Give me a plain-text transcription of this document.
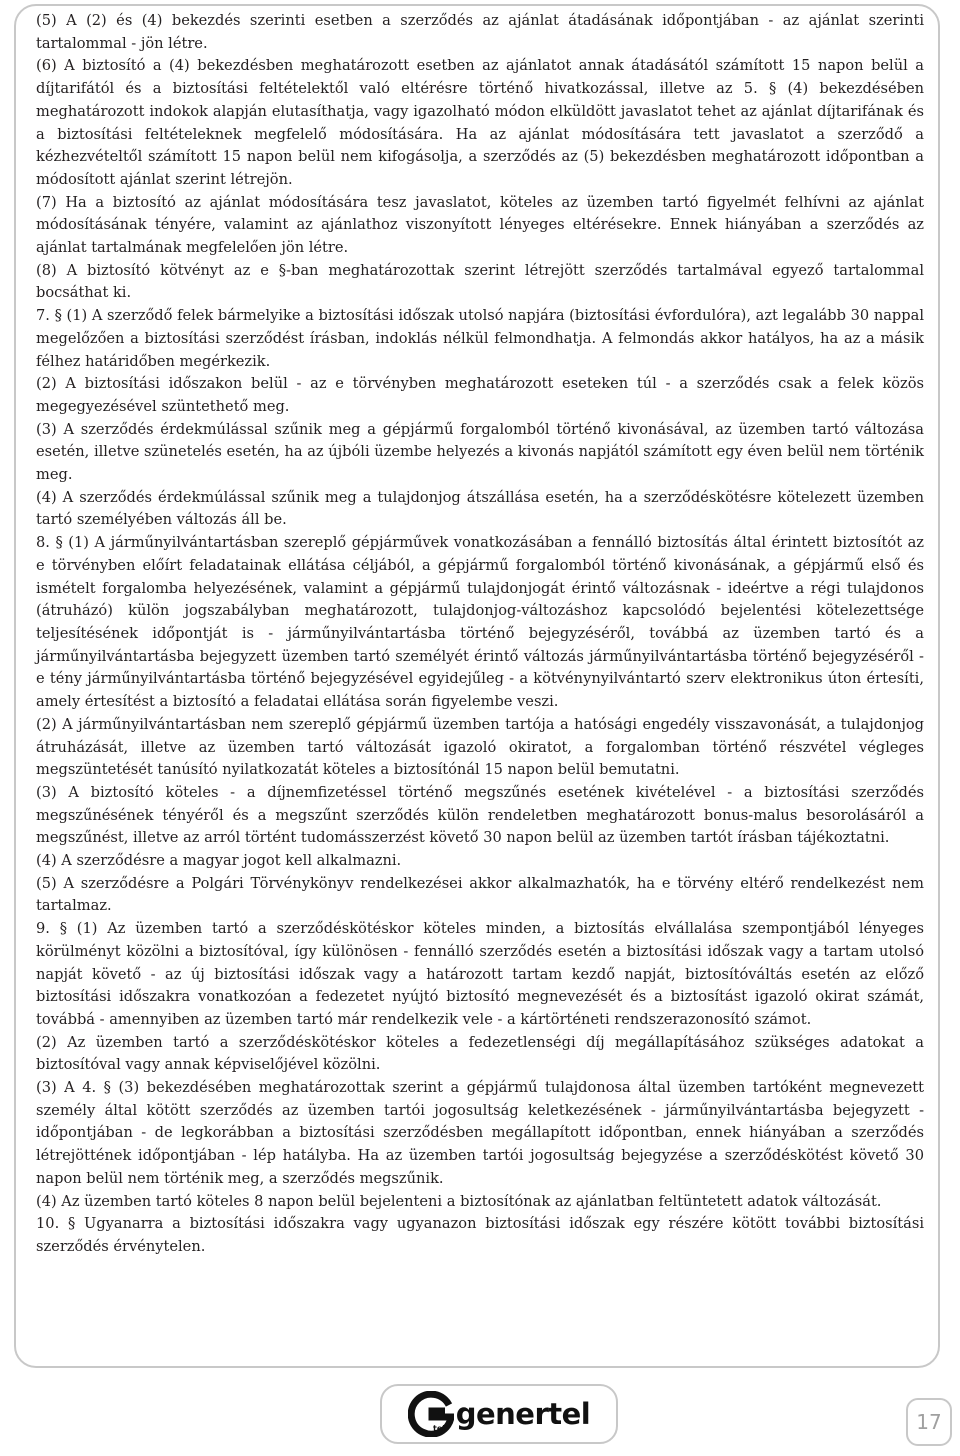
(5) A (2) és (4) bekezdés szerinti esetben a szerződés az ajánlat átadásának időpontjában - az ajánlat szerinti tartalommal - jön létre.

(6) A biztosító a (4) bekezdésben meghatározott esetben az ajánlatot annak átadásától számított 15 napon belül a díjtarifától és a biztosítási feltételektől való eltérésre történő hivatkozással, illetve az 5. § (4) bekezdésében meghatározott indokok alapján elutasíthatja, vagy igazolható módon elküldött javaslatot tehet az ajánlat díjtarifának és a biztosítási feltételeknek megfelelő módosítására. Ha az ajánlat módosítására tett javaslatot a szerződő a kézhezvételtől számított 15 napon belül nem kifogásolja, a szerződés az (5) bekezdésben meghatározott időpontban a módosított ajánlat szerint létrejön.

(7) Ha a biztosító az ajánlat módosítására tesz javaslatot, köteles az üzemben tartó figyelmét felhívni az ajánlat módosításának tényére, valamint az ajánlathoz viszonyított lényeges eltérésekre. Ennek hiányában a szerződés az ajánlat tartalmának megfelelően jön létre.

(8) A biztosító kötvényt az e §-ban meghatározottak szerint létrejött szerződés tartalmával egyező tartalommal bocsáthat ki.

7. § (1) A szerződő felek bármelyike a biztosítási időszak utolsó napjára (biztosítási évfordulóra), azt legalább 30 nappal megelőzően a biztosítási szerződést írásban, indoklás nélkül felmondhatja. A felmondás akkor hatályos, ha az a másik félhez határidőben megérkezik.

(2) A biztosítási időszakon belül - az e törvényben meghatározott eseteken túl - a szerződés csak a felek közös megegyezésével szüntethető meg.

(3) A szerződés érdekmúlással szűnik meg a gépjármű forgalomból történő kivonásával, az üzemben tartó változása esetén, illetve szünetelés esetén, ha az újbóli üzembe helyezés a kivonás napjától számított egy éven belül nem történik meg.

(4) A szerződés érdekmúlással szűnik meg a tulajdonjog átszállása esetén, ha a szerződéskötésre kötelezett üzemben tartó személyében változás áll be.

8. § (1) A járműnyilvántartásban szereplő gépjárművek vonatkozásában a fennálló biztosítás által érintett biztosítót az e törvényben előírt feladatainak ellátása céljából, a gépjármű forgalomból történő kivonásának, a gépjármű első és ismételt forgalomba helyezésének, valamint a gépjármű tulajdonjogát érintő változásnak - ideértve a régi tulajdonos (átruházó) külön jogszabályban meghatározott, tulajdonjog-változáshoz kapcsolódó bejelentési kötelezettsége teljesítésének időpontját is - járműnyilvántartásba történő bejegyzéséről, továbbá az üzemben tartó és a járműnyilvántartásba bejegyzett üzemben tartó személyét érintő változás járműnyilvántartásba történő bejegyzéséről - e tény járműnyilvántartásba történő bejegyzésével egyidejűleg - a kötvénynyilvántartó szerv elektronikus úton értesíti, amely értesítést a biztosító a feladatai ellátása során figyelembe veszi.

(2) A járműnyilvántartásban nem szereplő gépjármű üzemben tartója a hatósági engedély visszavonását, a tulajdonjog átruházását, illetve az üzemben tartó változását igazoló okiratot, a forgalomban történő részvétel végleges megszüntetését tanúsító nyilatkozatát köteles a biztosítónál 15 napon belül bemutatni.

(3) A biztosító köteles - a díjnemfizetéssel történő megszűnés esetének kivételével - a biztosítási szerződés megszűnésének tényéről és a megszűnt szerződés külön rendeletben meghatározott bonus-malus besorolásáról a megszűnést, illetve az arról történt tudomásszerzést követő 30 napon belül az üzemben tartót írásban tájékoztatni.

(4) A szerződésre a magyar jogot kell alkalmazni.

(5) A szerződésre a Polgári Törvénykönyv rendelkezései akkor alkalmazhatók, ha e törvény eltérő rendelkezést nem tartalmaz.

9. § (1) Az üzemben tartó a szerződéskötéskor köteles minden, a biztosítás elvállalása szempontjából lényeges körülményt közölni a biztosítóval, így különösen - fennálló szerződés esetén a biztosítási időszak vagy a tartam utolsó napját követő - az új biztosítási időszak vagy a határozott tartam kezdő napját, biztosítóváltás esetén az előző biztosítási időszakra vonatkozóan a fedezetet nyújtó biztosító megnevezését és a biztosítást igazoló okirat számát, továbbá - amennyiben az üzemben tartó már rendelkezik vele - a kártörténeti rendszerazonosító számot.

(2) Az üzemben tartó a szerződéskötéskor köteles a fedezetlenségi díj megállapításához szükséges adatokat a biztosítóval vagy annak képviselőjével közölni.

(3) A 4. § (3) bekezdésében meghatározottak szerint a gépjármű tulajdonosa által üzemben tartóként megnevezett személy által kötött szerződés az üzemben tartói jogosultság keletkezésének - járműnyilvántartásba bejegyzett - időpontjában - de legkorábban a biztosítási szerződésben megállapított időpontban, ennek hiányában a szerződés létrejöttének időpontjában - lép hatályba. Ha az üzemben tartói jogosultság bejegyzése a szerződéskötést követő 30 napon belül nem történik meg, a szerződés megszűnik.

(4) Az üzemben tartó köteles 8 napon belül bejelenteni a biztosítónak az ajánlatban feltüntetett adatok változását.

10. § Ugyanarra a biztosítási időszakra vagy ugyanazon biztosítási időszak egy részére kötött további biztosítási szerződés érvénytelen.

tel genertel	17
